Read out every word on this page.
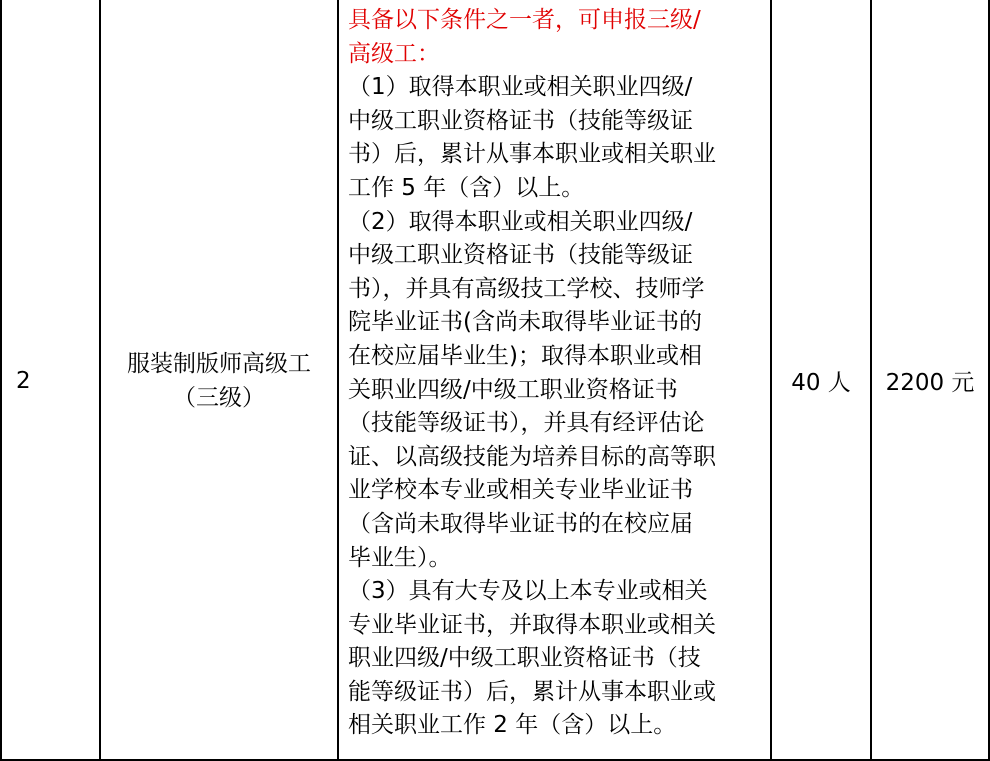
2
服装制版师高级工
（三级）
具备以下条件之一者，可申报三级/
高级工：
（1）取得本职业或相关职业四级/
中级工职业资格证书（技能等级证
书）后，累计从事本职业或相关职业
工作 5 年（含）以上。
（2）取得本职业或相关职业四级/
中级工职业资格证书（技能等级证
书），并具有高级技工学校、技师学
院毕业证书(含尚未取得毕业证书的
在校应届毕业生)；取得本职业或相
关职业四级/中级工职业资格证书
（技能等级证书），并具有经评估论
证、以高级技能为培养目标的高等职
业学校本专业或相关专业毕业证书
（含尚未取得毕业证书的在校应届
毕业生）。
（3）具有大专及以上本专业或相关
专业毕业证书，并取得本职业或相关
职业四级/中级工职业资格证书（技
能等级证书）后，累计从事本职业或
相关职业工作 2 年（含）以上。
40 人 2200 元
